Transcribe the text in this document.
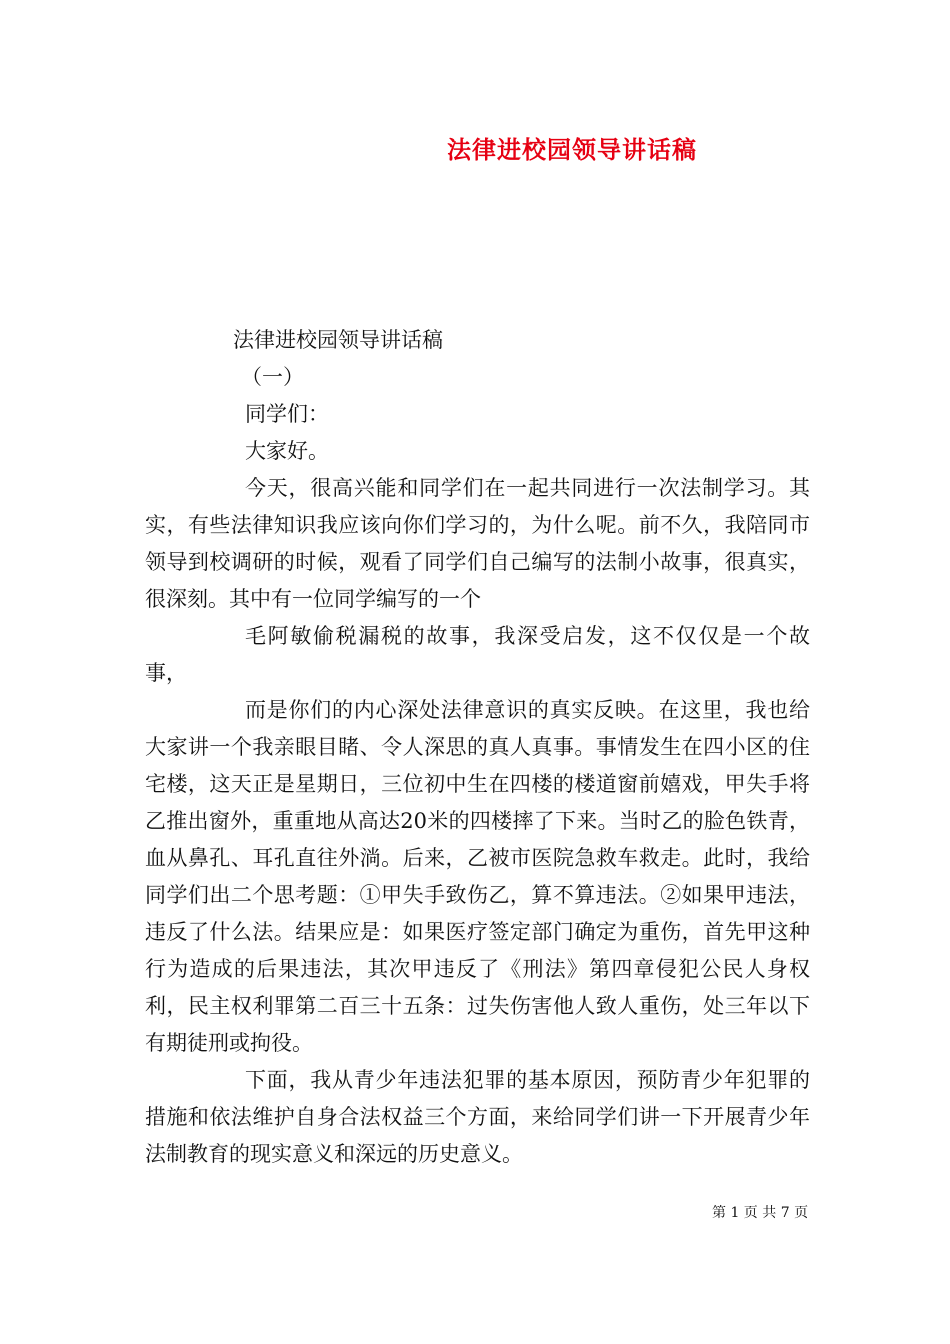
法律进校园领导讲话稿

法律进校园领导讲话稿

（一）

同学们：

大家好。

今天，很高兴能和同学们在一起共同进行一次法制学习。其实，有些法律知识我应该向你们学习的，为什么呢。前不久，我陪同市领导到校调研的时候，观看了同学们自己编写的法制小故事，很真实，很深刻。其中有一位同学编写的一个

毛阿敏偷税漏税的故事，我深受启发，这不仅仅是一个故事，

而是你们的内心深处法律意识的真实反映。在这里，我也给大家讲一个我亲眼目睹、令人深思的真人真事。事情发生在四小区的住宅楼，这天正是星期日，三位初中生在四楼的楼道窗前嬉戏，甲失手将乙推出窗外，重重地从高达20米的四楼摔了下来。当时乙的脸色铁青，血从鼻孔、耳孔直往外淌。后来，乙被市医院急救车救走。此时，我给同学们出二个思考题：①甲失手致伤乙，算不算违法。②如果甲违法，违反了什么法。结果应是：如果医疗签定部门确定为重伤，首先甲这种行为造成的后果违法，其次甲违反了《刑法》第四章侵犯公民人身权利，民主权利罪第二百三十五条：过失伤害他人致人重伤，处三年以下有期徒刑或拘役。

下面，我从青少年违法犯罪的基本原因，预防青少年犯罪的措施和依法维护自身合法权益三个方面，来给同学们讲一下开展青少年法制教育的现实意义和深远的历史意义。

第 1 页 共 7 页
